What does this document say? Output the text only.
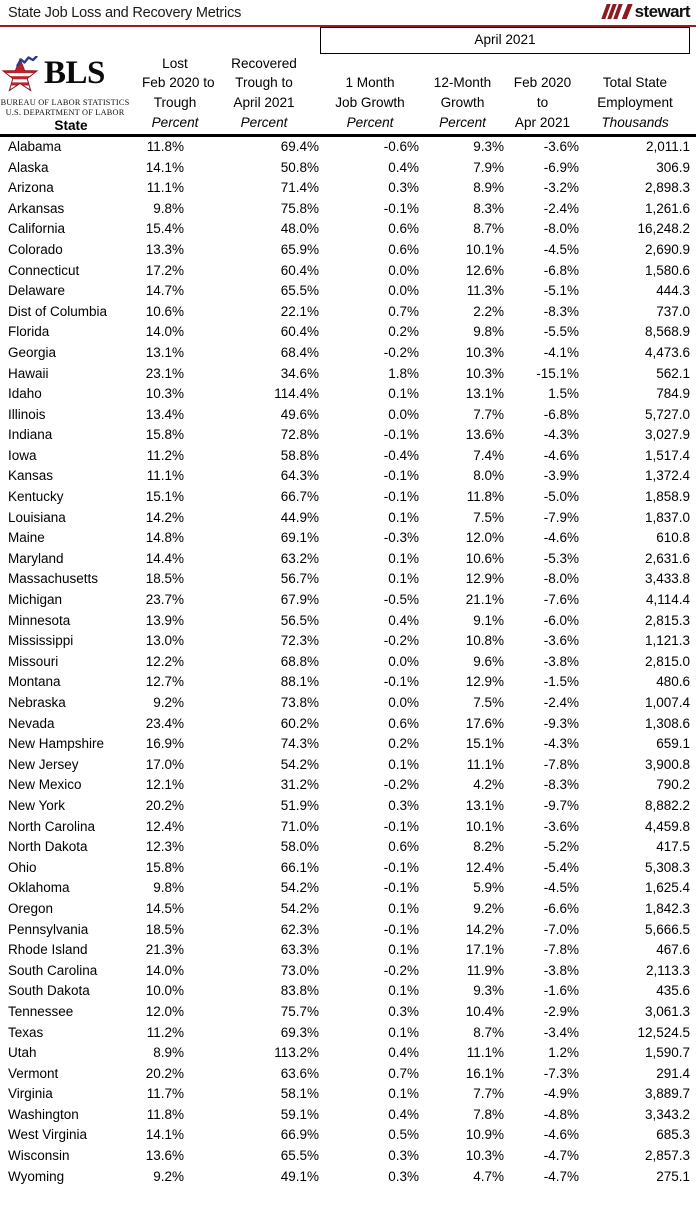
State Job Loss and Recovery Metrics	stewart

			April 2021			

BLS
BUREAU OF LABOR STATISTICS
U.S. DEPARTMENT OF LABOR
State

Lost
Feb 2020 to
Trough
Percent

Recovered
Trough to
April 2021
Percent

1 Month
Job Growth
Percent

12-Month
Growth
Percent

Feb 2020
to
Apr 2021

Total State
Employment
Thousands

Alabama	11.8%	69.4%	-0.6%	9.3%	-3.6%	2,011.1
Alaska	14.1%	50.8%	0.4%	7.9%	-6.9%	306.9
Arizona	11.1%	71.4%	0.3%	8.9%	-3.2%	2,898.3
Arkansas	9.8%	75.8%	-0.1%	8.3%	-2.4%	1,261.6
California	15.4%	48.0%	0.6%	8.7%	-8.0%	16,248.2
Colorado	13.3%	65.9%	0.6%	10.1%	-4.5%	2,690.9
Connecticut	17.2%	60.4%	0.0%	12.6%	-6.8%	1,580.6
Delaware	14.7%	65.5%	0.0%	11.3%	-5.1%	444.3
Dist of Columbia	10.6%	22.1%	0.7%	2.2%	-8.3%	737.0
Florida	14.0%	60.4%	0.2%	9.8%	-5.5%	8,568.9
Georgia	13.1%	68.4%	-0.2%	10.3%	-4.1%	4,473.6
Hawaii	23.1%	34.6%	1.8%	10.3%	-15.1%	562.1
Idaho	10.3%	114.4%	0.1%	13.1%	1.5%	784.9
Illinois	13.4%	49.6%	0.0%	7.7%	-6.8%	5,727.0
Indiana	15.8%	72.8%	-0.1%	13.6%	-4.3%	3,027.9
Iowa	11.2%	58.8%	-0.4%	7.4%	-4.6%	1,517.4
Kansas	11.1%	64.3%	-0.1%	8.0%	-3.9%	1,372.4
Kentucky	15.1%	66.7%	-0.1%	11.8%	-5.0%	1,858.9
Louisiana	14.2%	44.9%	0.1%	7.5%	-7.9%	1,837.0
Maine	14.8%	69.1%	-0.3%	12.0%	-4.6%	610.8
Maryland	14.4%	63.2%	0.1%	10.6%	-5.3%	2,631.6
Massachusetts	18.5%	56.7%	0.1%	12.9%	-8.0%	3,433.8
Michigan	23.7%	67.9%	-0.5%	21.1%	-7.6%	4,114.4
Minnesota	13.9%	56.5%	0.4%	9.1%	-6.0%	2,815.3
Mississippi	13.0%	72.3%	-0.2%	10.8%	-3.6%	1,121.3
Missouri	12.2%	68.8%	0.0%	9.6%	-3.8%	2,815.0
Montana	12.7%	88.1%	-0.1%	12.9%	-1.5%	480.6
Nebraska	9.2%	73.8%	0.0%	7.5%	-2.4%	1,007.4
Nevada	23.4%	60.2%	0.6%	17.6%	-9.3%	1,308.6
New Hampshire	16.9%	74.3%	0.2%	15.1%	-4.3%	659.1
New Jersey	17.0%	54.2%	0.1%	11.1%	-7.8%	3,900.8
New Mexico	12.1%	31.2%	-0.2%	4.2%	-8.3%	790.2
New York	20.2%	51.9%	0.3%	13.1%	-9.7%	8,882.2
North Carolina	12.4%	71.0%	-0.1%	10.1%	-3.6%	4,459.8
North Dakota	12.3%	58.0%	0.6%	8.2%	-5.2%	417.5
Ohio	15.8%	66.1%	-0.1%	12.4%	-5.4%	5,308.3
Oklahoma	9.8%	54.2%	-0.1%	5.9%	-4.5%	1,625.4
Oregon	14.5%	54.2%	0.1%	9.2%	-6.6%	1,842.3
Pennsylvania	18.5%	62.3%	-0.1%	14.2%	-7.0%	5,666.5
Rhode Island	21.3%	63.3%	0.1%	17.1%	-7.8%	467.6
South Carolina	14.0%	73.0%	-0.2%	11.9%	-3.8%	2,113.3
South Dakota	10.0%	83.8%	0.1%	9.3%	-1.6%	435.6
Tennessee	12.0%	75.7%	0.3%	10.4%	-2.9%	3,061.3
Texas	11.2%	69.3%	0.1%	8.7%	-3.4%	12,524.5
Utah	8.9%	113.2%	0.4%	11.1%	1.2%	1,590.7
Vermont	20.2%	63.6%	0.7%	16.1%	-7.3%	291.4
Virginia	11.7%	58.1%	0.1%	7.7%	-4.9%	3,889.7
Washington	11.8%	59.1%	0.4%	7.8%	-4.8%	3,343.2
West Virginia	14.1%	66.9%	0.5%	10.9%	-4.6%	685.3
Wisconsin	13.6%	65.5%	0.3%	10.3%	-4.7%	2,857.3
Wyoming	9.2%	49.1%	0.3%	4.7%	-4.7%	275.1
